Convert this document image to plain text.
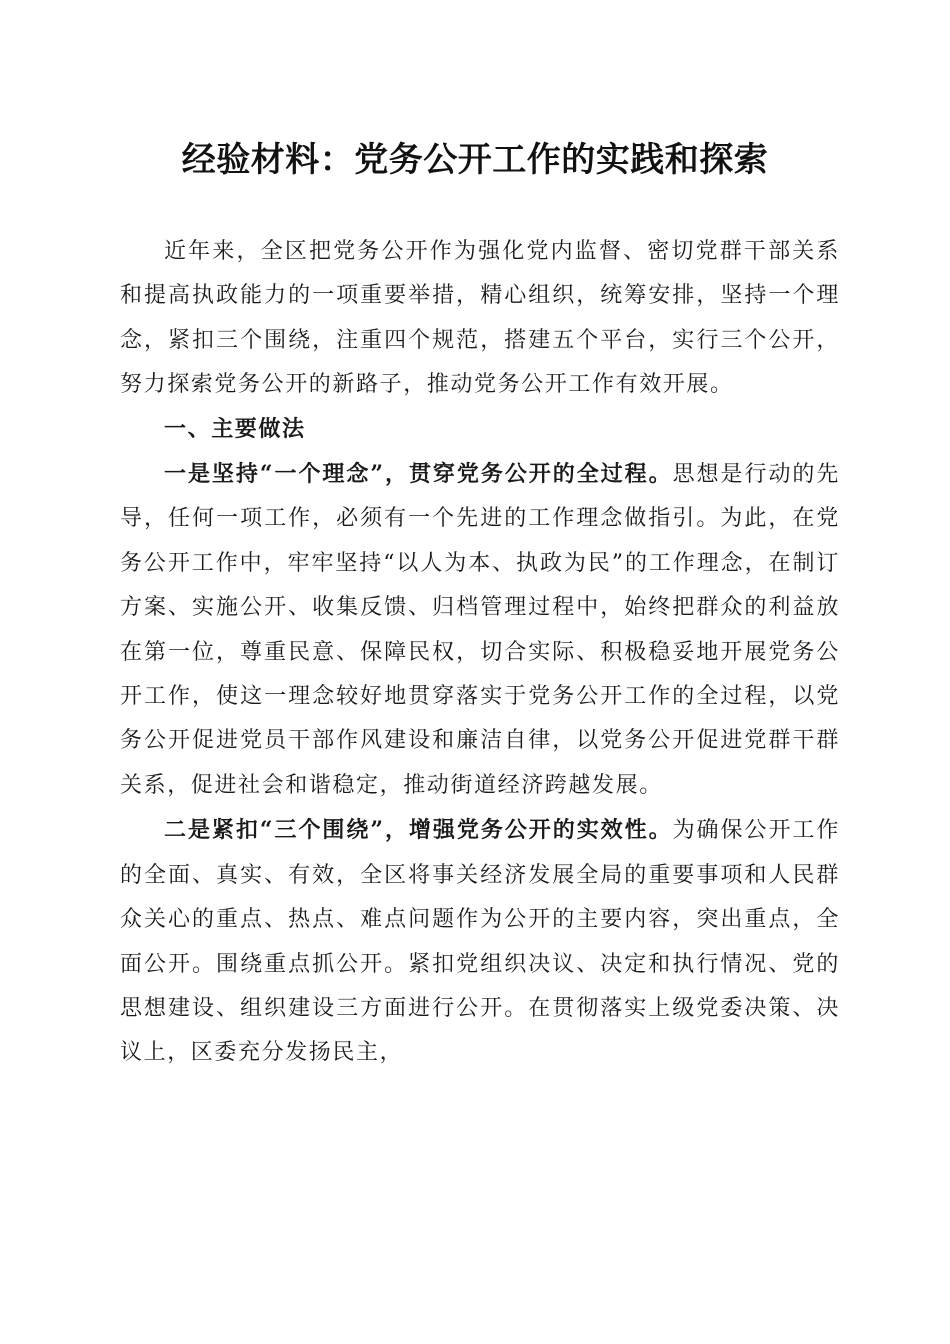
经验材料：党务公开工作的实践和探索

近年来，全区把党务公开作为强化党内监督、密切党群干部关系和提高执政能力的一项重要举措，精心组织，统筹安排，坚持一个理念，紧扣三个围绕，注重四个规范，搭建五个平台，实行三个公开，努力探索党务公开的新路子，推动党务公开工作有效开展。

一、主要做法

一是坚持“一个理念”，贯穿党务公开的全过程。思想是行动的先导，任何一项工作，必须有一个先进的工作理念做指引。为此，在党务公开工作中，牢牢坚持“以人为本、执政为民”的工作理念，在制订方案、实施公开、收集反馈、归档管理过程中，始终把群众的利益放在第一位，尊重民意、保障民权，切合实际、积极稳妥地开展党务公开工作，使这一理念较好地贯穿落实于党务公开工作的全过程，以党务公开促进党员干部作风建设和廉洁自律，以党务公开促进党群干群关系，促进社会和谐稳定，推动街道经济跨越发展。

二是紧扣“三个围绕”，增强党务公开的实效性。为确保公开工作的全面、真实、有效，全区将事关经济发展全局的重要事项和人民群众关心的重点、热点、难点问题作为公开的主要内容，突出重点，全面公开。围绕重点抓公开。紧扣党组织决议、决定和执行情况、党的思想建设、组织建设三方面进行公开。在贯彻落实上级党委决策、决议上，区委充分发扬民主，
